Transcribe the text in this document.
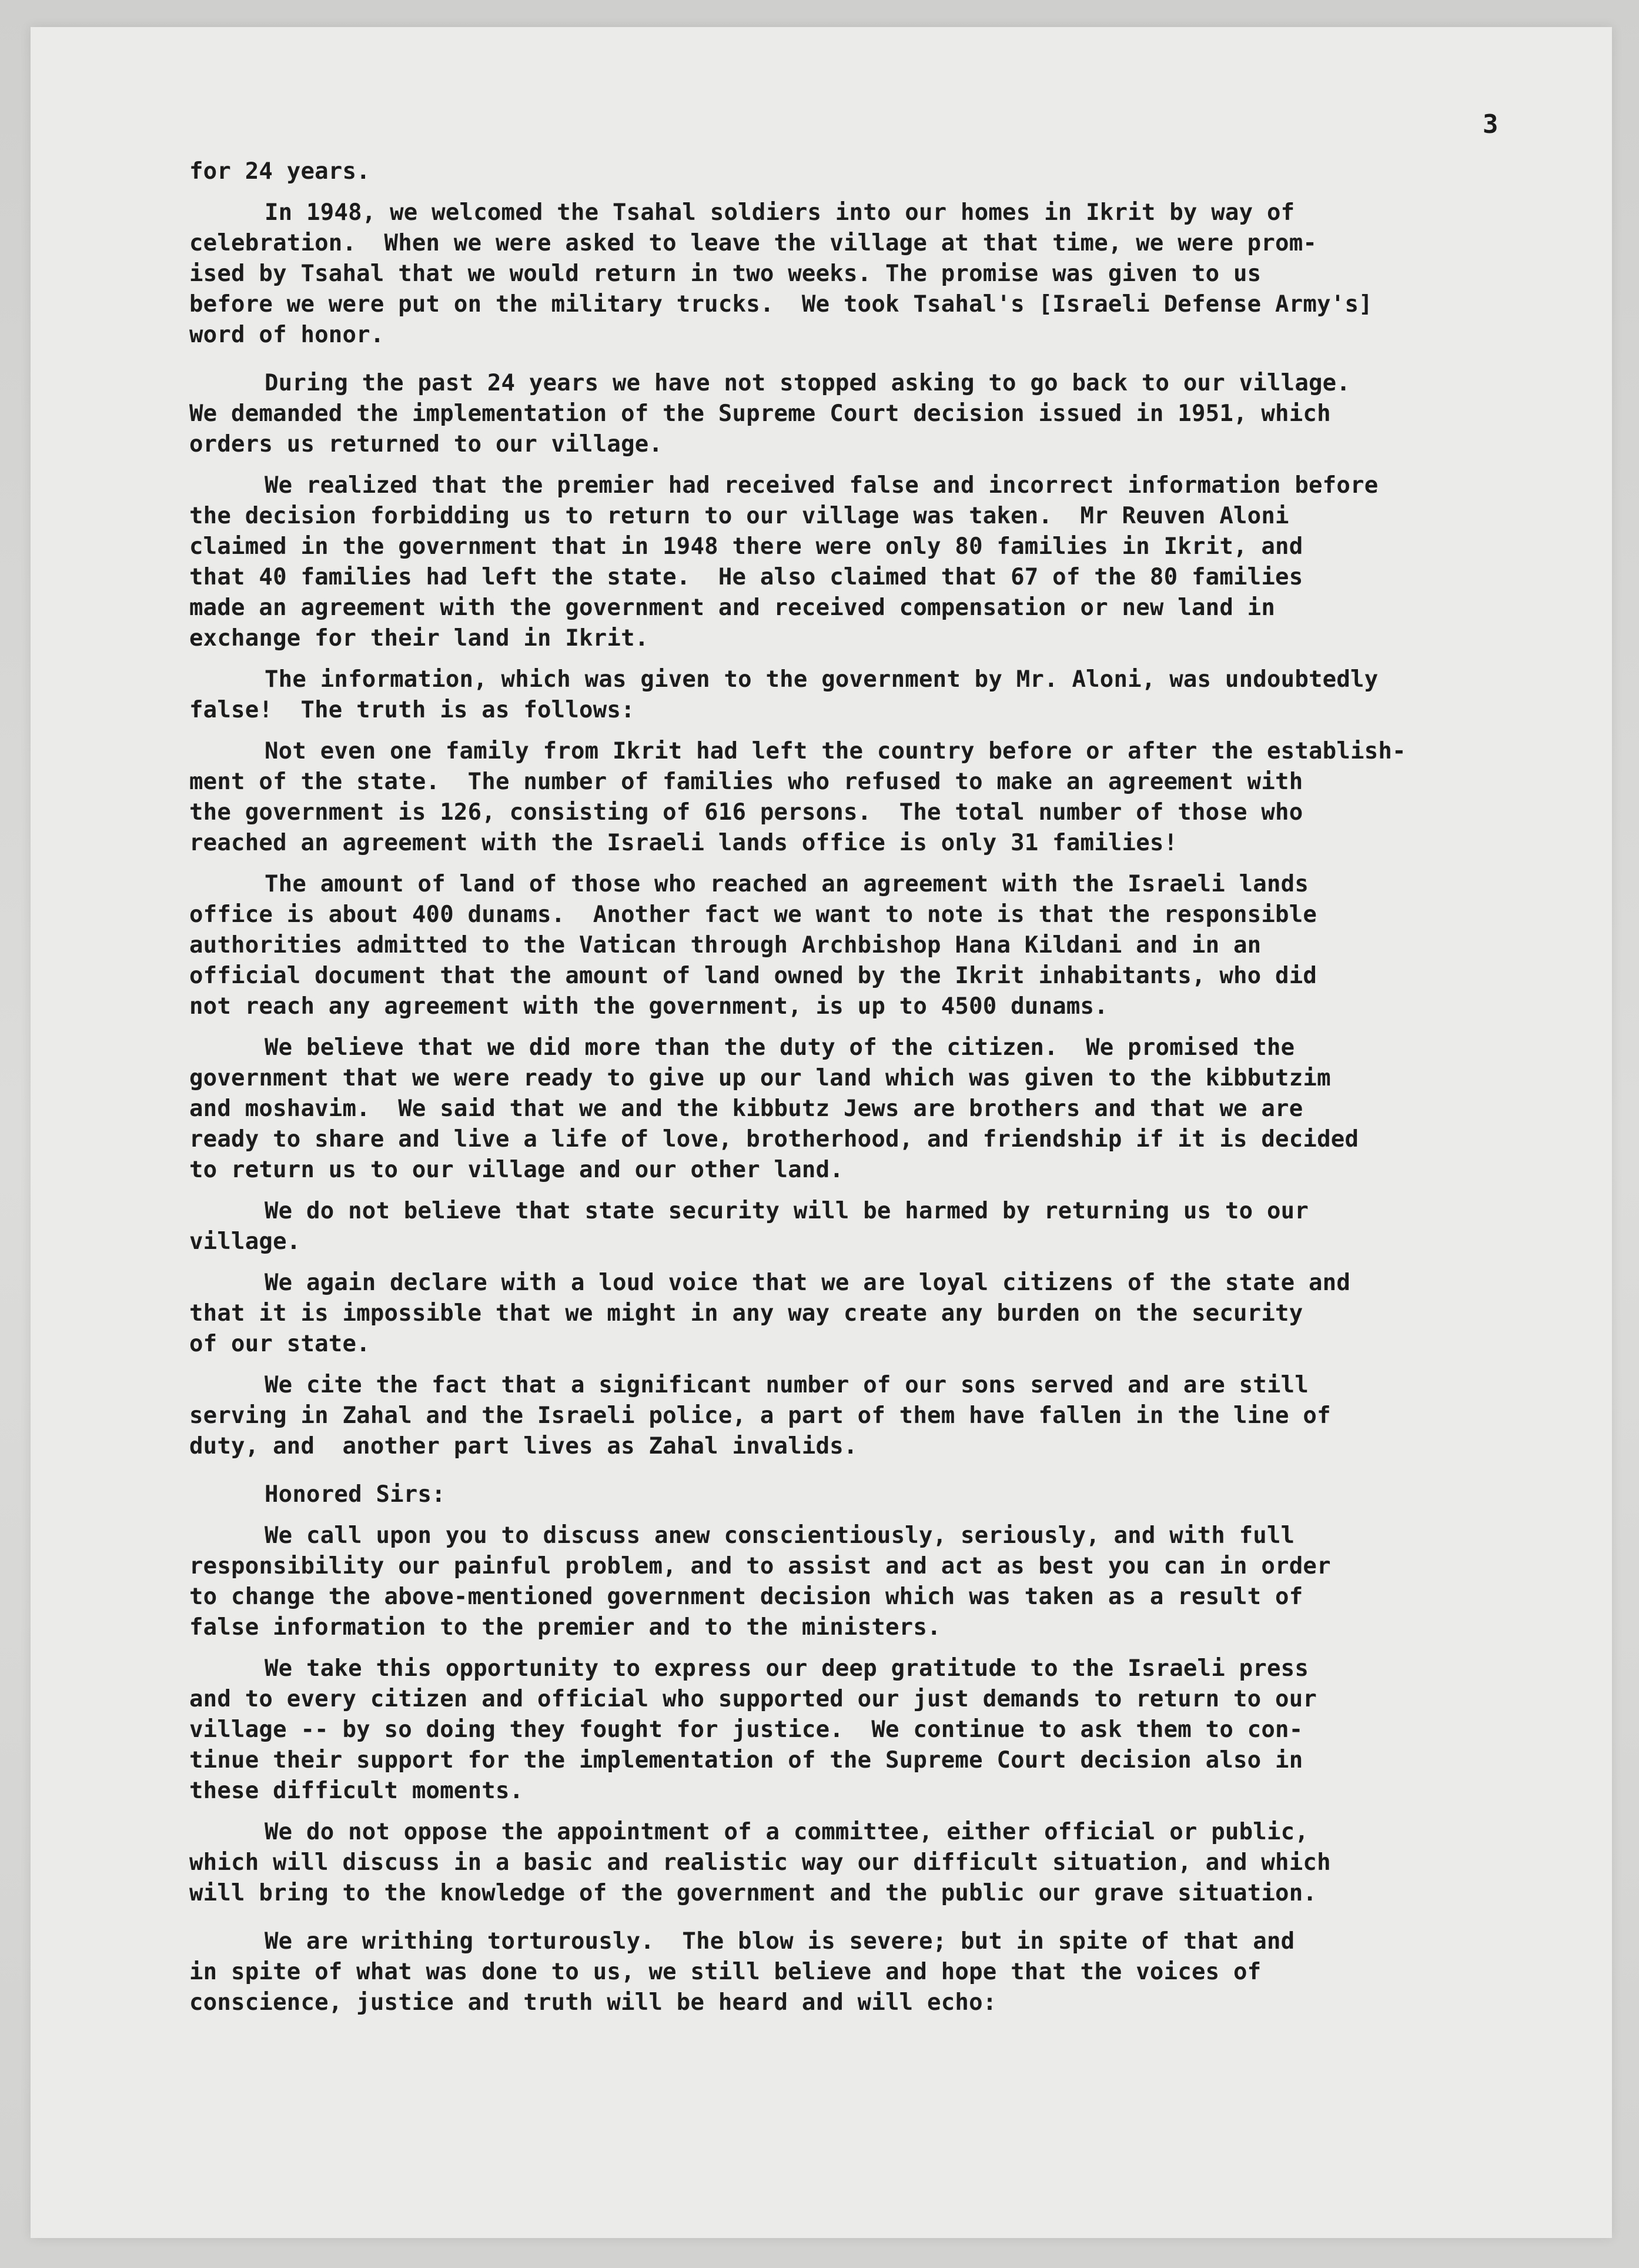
3
for 24 years.
In 1948, we welcomed the Tsahal soldiers into our homes in Ikrit by way of
celebration.  When we were asked to leave the village at that time, we were prom-
ised by Tsahal that we would return in two weeks. The promise was given to us
before we were put on the military trucks.  We took Tsahal's [Israeli Defense Army's]
word of honor.
During the past 24 years we have not stopped asking to go back to our village.
We demanded the implementation of the Supreme Court decision issued in 1951, which
orders us returned to our village.
We realized that the premier had received false and incorrect information before
the decision forbidding us to return to our village was taken.  Mr Reuven Aloni
claimed in the government that in 1948 there were only 80 families in Ikrit, and
that 40 families had left the state.  He also claimed that 67 of the 80 families
made an agreement with the government and received compensation or new land in
exchange for their land in Ikrit.
The information, which was given to the government by Mr. Aloni, was undoubtedly
false!  The truth is as follows:
Not even one family from Ikrit had left the country before or after the establish-
ment of the state.  The number of families who refused to make an agreement with
the government is 126, consisting of 616 persons.  The total number of those who
reached an agreement with the Israeli lands office is only 31 families!
The amount of land of those who reached an agreement with the Israeli lands
office is about 400 dunams.  Another fact we want to note is that the responsible
authorities admitted to the Vatican through Archbishop Hana Kildani and in an
official document that the amount of land owned by the Ikrit inhabitants, who did
not reach any agreement with the government, is up to 4500 dunams.
We believe that we did more than the duty of the citizen.  We promised the
government that we were ready to give up our land which was given to the kibbutzim
and moshavim.  We said that we and the kibbutz Jews are brothers and that we are
ready to share and live a life of love, brotherhood, and friendship if it is decided
to return us to our village and our other land.
We do not believe that state security will be harmed by returning us to our
village.
We again declare with a loud voice that we are loyal citizens of the state and
that it is impossible that we might in any way create any burden on the security
of our state.
We cite the fact that a significant number of our sons served and are still
serving in Zahal and the Israeli police, a part of them have fallen in the line of
duty, and  another part lives as Zahal invalids.
Honored Sirs:
We call upon you to discuss anew conscientiously, seriously, and with full
responsibility our painful problem, and to assist and act as best you can in order
to change the above-mentioned government decision which was taken as a result of
false information to the premier and to the ministers.
We take this opportunity to express our deep gratitude to the Israeli press
and to every citizen and official who supported our just demands to return to our
village -- by so doing they fought for justice.  We continue to ask them to con-
tinue their support for the implementation of the Supreme Court decision also in
these difficult moments.
We do not oppose the appointment of a committee, either official or public,
which will discuss in a basic and realistic way our difficult situation, and which
will bring to the knowledge of the government and the public our grave situation.
We are writhing torturously.  The blow is severe; but in spite of that and
in spite of what was done to us, we still believe and hope that the voices of
conscience, justice and truth will be heard and will echo:
